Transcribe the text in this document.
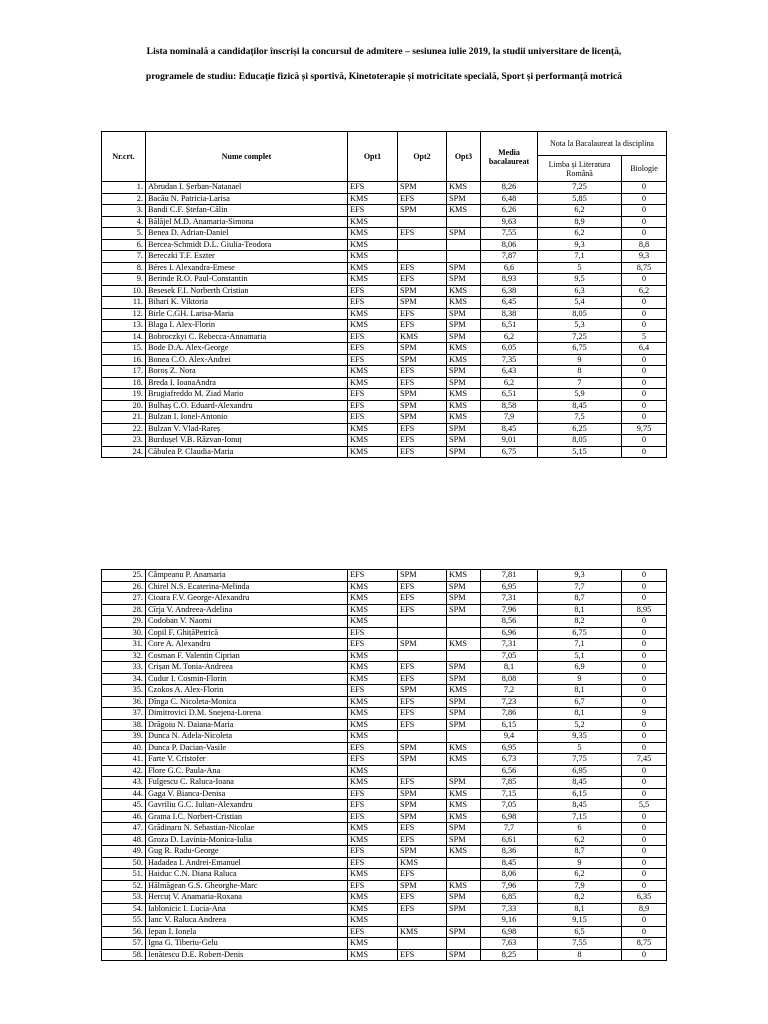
Lista nominală a candidaților înscriși la concursul de admitere – sesiunea iulie 2019, la studii universitare de licență,
programele de studiu: Educație fizică și sportivă, Kinetoterapie și motricitate specială, Sport și performanță motrică
Nr.crt.	Nume complet	Opt1	Opt2	Opt3	Media bacalaureat	Nota la Bacalaureat la disciplina	
						Limba și Literatura Română	Biologie
1.	Abrudan I. Șerban-Natanael	EFS	SPM	KMS	8,26	7,25	0
2.	Bacău N. Patricia-Larisa	KMS	EFS	SPM	6,48	5,85	0
3.	Bandi C.F. Ștefan-Călin	EFS	SPM	KMS	6,26	6,2	0
4.	Bălăjel M.D. Anamaria-Simona	KMS			9,63	8,9	0
5.	Benea D. Adrian-Daniel	KMS	EFS	SPM	7,55	6,2	0
6.	Bercea-Schmidt D.L. Giulia-Teodora	KMS			8,06	9,3	8,8
7.	Bereczki T.F. Eszter	KMS			7,87	7,1	9,3
8.	Béres I. Alexandra-Emese	KMS	EFS	SPM	6,6	5	8,75
9.	Berinde R.O. Paul-Constantin	KMS	EFS	SPM	8,93	9,5	0
10.	Besesek F.I. Norberth Cristian	EFS	SPM	KMS	6,38	6,3	6,2
11.	Bihari K. Viktoria	EFS	SPM	KMS	6,45	5,4	0
12.	Birle C.GH. Larisa-Maria	KMS	EFS	SPM	8,38	8,05	0
13.	Blaga I. Alex-Florin	KMS	EFS	SPM	6,51	5,3	0
14.	Bobroczkyi C. Rebecca-Annamaria	EFS	KMS	SPM	6,2	7,25	5
15.	Bode D.A. Alex-George	EFS	SPM	KMS	6,05	6,75	6,4
16.	Bonea C.O. Alex-Andrei	EFS	SPM	KMS	7,35	9	0
17.	Boroș Z. Nora	KMS	EFS	SPM	6,43	8	0
18.	Breda I. IoanaAndra	KMS	EFS	SPM	6,2	7	0
19.	Brugiafreddo M. Ziad Mario	EFS	SPM	KMS	6,51	5,9	0
20.	Bulhaș C.O. Eduard-Alexandru	EFS	SPM	KMS	8,58	8,45	0
21.	Bulzan I. Ionel-Antonio	EFS	SPM	KMS	7,9	7,5	0
22.	Bulzan V. Vlad-Rareș	KMS	EFS	SPM	8,45	6,25	9,75
23.	Burdușel V.B. Răzvan-Ionuț	KMS	EFS	SPM	9,01	8,05	0
24.	Căbulea P. Claudia-Maria	KMS	EFS	SPM	6,75	5,15	0
25.	Câmpeanu P. Anamaria	EFS	SPM	KMS	7,81	9,3	0
26.	Chirel N.S. Ecaterina-Melinda	KMS	EFS	SPM	6,95	7,7	0
27.	Cioara F.V. George-Alexandru	KMS	EFS	SPM	7,31	8,7	0
28.	Cîrja V. Andreea-Adelina	KMS	EFS	SPM	7,96	8,1	8,95
29.	Codoban V. Naomi	KMS			8,56	8,2	0
30.	Copil F. GhițăPetrică	EFS			6,96	6,75	0
31.	Core A. Alexandru	EFS	SPM	KMS	7,31	7,1	0
32.	Cosman F. Valentin Ciprian	KMS			7,05	5,1	0
33.	Crișan M. Tonia-Andreea	KMS	EFS	SPM	8,1	6,9	0
34.	Cudur I. Cosmin-Florin	KMS	EFS	SPM	8,08	9	0
35.	Czokos A. Alex-Florin	EFS	SPM	KMS	7,2	8,1	0
36.	Dînga C. Nicoleta-Monica	KMS	EFS	SPM	7,23	6,7	0
37.	Dimitrovici D.M. Snejena-Lorena	KMS	EFS	SPM	7,86	8,1	9
38.	Drăgoiu N. Daiana-Maria	KMS	EFS	SPM	6,15	5,2	0
39.	Dunca N. Adela-Nicoleta	KMS			9,4	9,35	0
40.	Dunca P. Dacian-Vasile	EFS	SPM	KMS	6,95	5	0
41.	Farte V. Cristofer	EFS	SPM	KMS	6,73	7,75	7,45
42.	Flore G.C. Paula-Ana	KMS			6,56	6,95	0
43.	Fulgescu C. Raluca-Ioana	KMS	EFS	SPM	7,85	8,45	0
44.	Gaga V. Bianca-Denisa	EFS	SPM	KMS	7,15	6,15	0
45.	Gavriliu G.C. Iulian-Alexandru	EFS	SPM	KMS	7,05	8,45	5,5
46.	Grama I.C. Norbert-Cristian	EFS	SPM	KMS	6,98	7,15	0
47.	Grădinaru N. Sebastian-Nicolae	KMS	EFS	SPM	7,7	6	0
48.	Groza D. Lavinia-Monica-Iulia	KMS	EFS	SPM	6,61	6,2	0
49.	Gug R. Radu-George	EFS	SPM	KMS	8,36	8,7	0
50.	Hadadea I. Andrei-Emanuel	EFS	KMS		8,45	9	0
51.	Haiduc C.N. Diana Raluca	KMS	EFS		8,06	6,2	0
52.	Hălmăgean G.S. Gheorghe-Marc	EFS	SPM	KMS	7,96	7,9	0
53.	Hercuț V. Anamaria-Roxana	KMS	EFS	SPM	6,85	8,2	6,35
54.	Iablonicic I. Lucia-Ana	KMS	EFS	SPM	7,33	8,1	8,9
55.	Ianc V. Raluca Andreea	KMS			9,16	9,15	0
56.	Iepan I. Ionela	EFS	KMS	SPM	6,98	6,5	0
57.	Igna G. Tiberiu-Gelu	KMS			7,63	7,55	8,75
58.	Ienătescu D.E. Robert-Denis	KMS	EFS	SPM	8,25	8	0
